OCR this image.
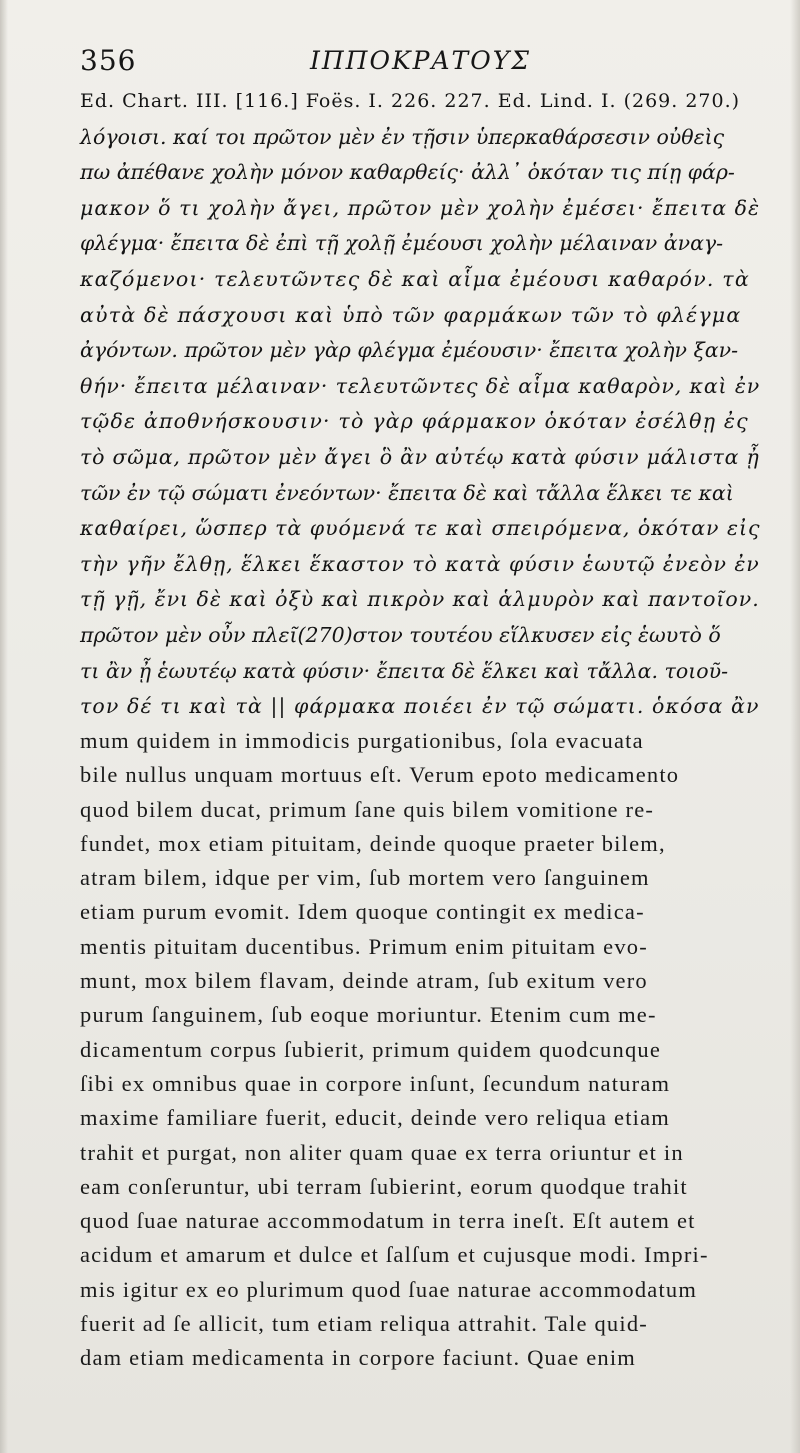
356	ΙΠΠΟΚΡΑΤΟΥΣ
Ed. Chart. III. [116.] Foës. I. 226. 227. Ed. Lind. I. (269. 270.)
λόγοισι. καί τοι πρῶτον μὲν ἐν τῇσιν ὑπερκαθάρσεσιν οὐθεὶς
πω ἀπέθανε χολὴν μόνον καθαρθείς· ἀλλ᾽ ὁκόταν τις πίῃ φάρ-
μακον ὅ τι χολὴν ἄγει, πρῶτον μὲν χολὴν ἐμέσει· ἔπειτα δὲ
φλέγμα· ἔπειτα δὲ ἐπὶ τῇ χολῇ ἐμέουσι χολὴν μέλαιναν ἀναγ-
καζόμενοι· τελευτῶντες δὲ καὶ αἷμα ἐμέουσι καθαρόν. τὰ
αὐτὰ δὲ πάσχουσι καὶ ὑπὸ τῶν φαρμάκων τῶν τὸ φλέγμα
ἀγόντων. πρῶτον μὲν γὰρ φλέγμα ἐμέουσιν· ἔπειτα χολὴν ξαν-
θήν· ἔπειτα μέλαιναν· τελευτῶντες δὲ αἷμα καθαρὸν, καὶ ἐν
τῷδε ἀποθνήσκουσιν· τὸ γὰρ φάρμακον ὁκόταν ἐσέλθῃ ἐς
τὸ σῶμα, πρῶτον μὲν ἄγει ὃ ἂν αὐτέῳ κατὰ φύσιν μάλιστα ᾖ
τῶν ἐν τῷ σώματι ἐνεόντων· ἔπειτα δὲ καὶ τἄλλα ἕλκει τε καὶ
καθαίρει, ὥσπερ τὰ φυόμενά τε καὶ σπειρόμενα, ὁκόταν εἰς
τὴν γῆν ἔλθῃ, ἕλκει ἕκαστον τὸ κατὰ φύσιν ἑωυτῷ ἐνεὸν ἐν
τῇ γῇ, ἔνι δὲ καὶ ὀξὺ καὶ πικρὸν καὶ ἁλμυρὸν καὶ παντοῖον.
πρῶτον μὲν οὖν πλεῖ(270)στον τουτέου εἵλκυσεν εἰς ἑωυτὸ ὅ
τι ἂν ᾖ ἑωυτέῳ κατὰ φύσιν· ἔπειτα δὲ ἕλκει καὶ τἄλλα. τοιοῦ-
τον δέ τι καὶ τὰ || φάρμακα ποιέει ἐν τῷ σώματι. ὁκόσα ἂν
mum quidem in immodicis purgationibus, ſola evacuata
bile nullus unquam mortuus eſt. Verum epoto medicamento
quod bilem ducat, primum ſane quis bilem vomitione re-
fundet, mox etiam pituitam, deinde quoque praeter bilem,
atram bilem, idque per vim, ſub mortem vero ſanguinem
etiam purum evomit. Idem quoque contingit ex medica-
mentis pituitam ducentibus. Primum enim pituitam evo-
munt, mox bilem flavam, deinde atram, ſub exitum vero
purum ſanguinem, ſub eoque moriuntur. Etenim cum me-
dicamentum corpus ſubierit, primum quidem quodcunque
ſibi ex omnibus quae in corpore inſunt, ſecundum naturam
maxime familiare fuerit, educit, deinde vero reliqua etiam
trahit et purgat, non aliter quam quae ex terra oriuntur et in
eam conſeruntur, ubi terram ſubierint, eorum quodque trahit
quod ſuae naturae accommodatum in terra ineſt. Eſt autem et
acidum et amarum et dulce et ſalſum et cujusque modi. Impri-
mis igitur ex eo plurimum quod ſuae naturae accommodatum
fuerit ad ſe allicit, tum etiam reliqua attrahit. Tale quid-
dam etiam medicamenta in corpore faciunt. Quae enim
